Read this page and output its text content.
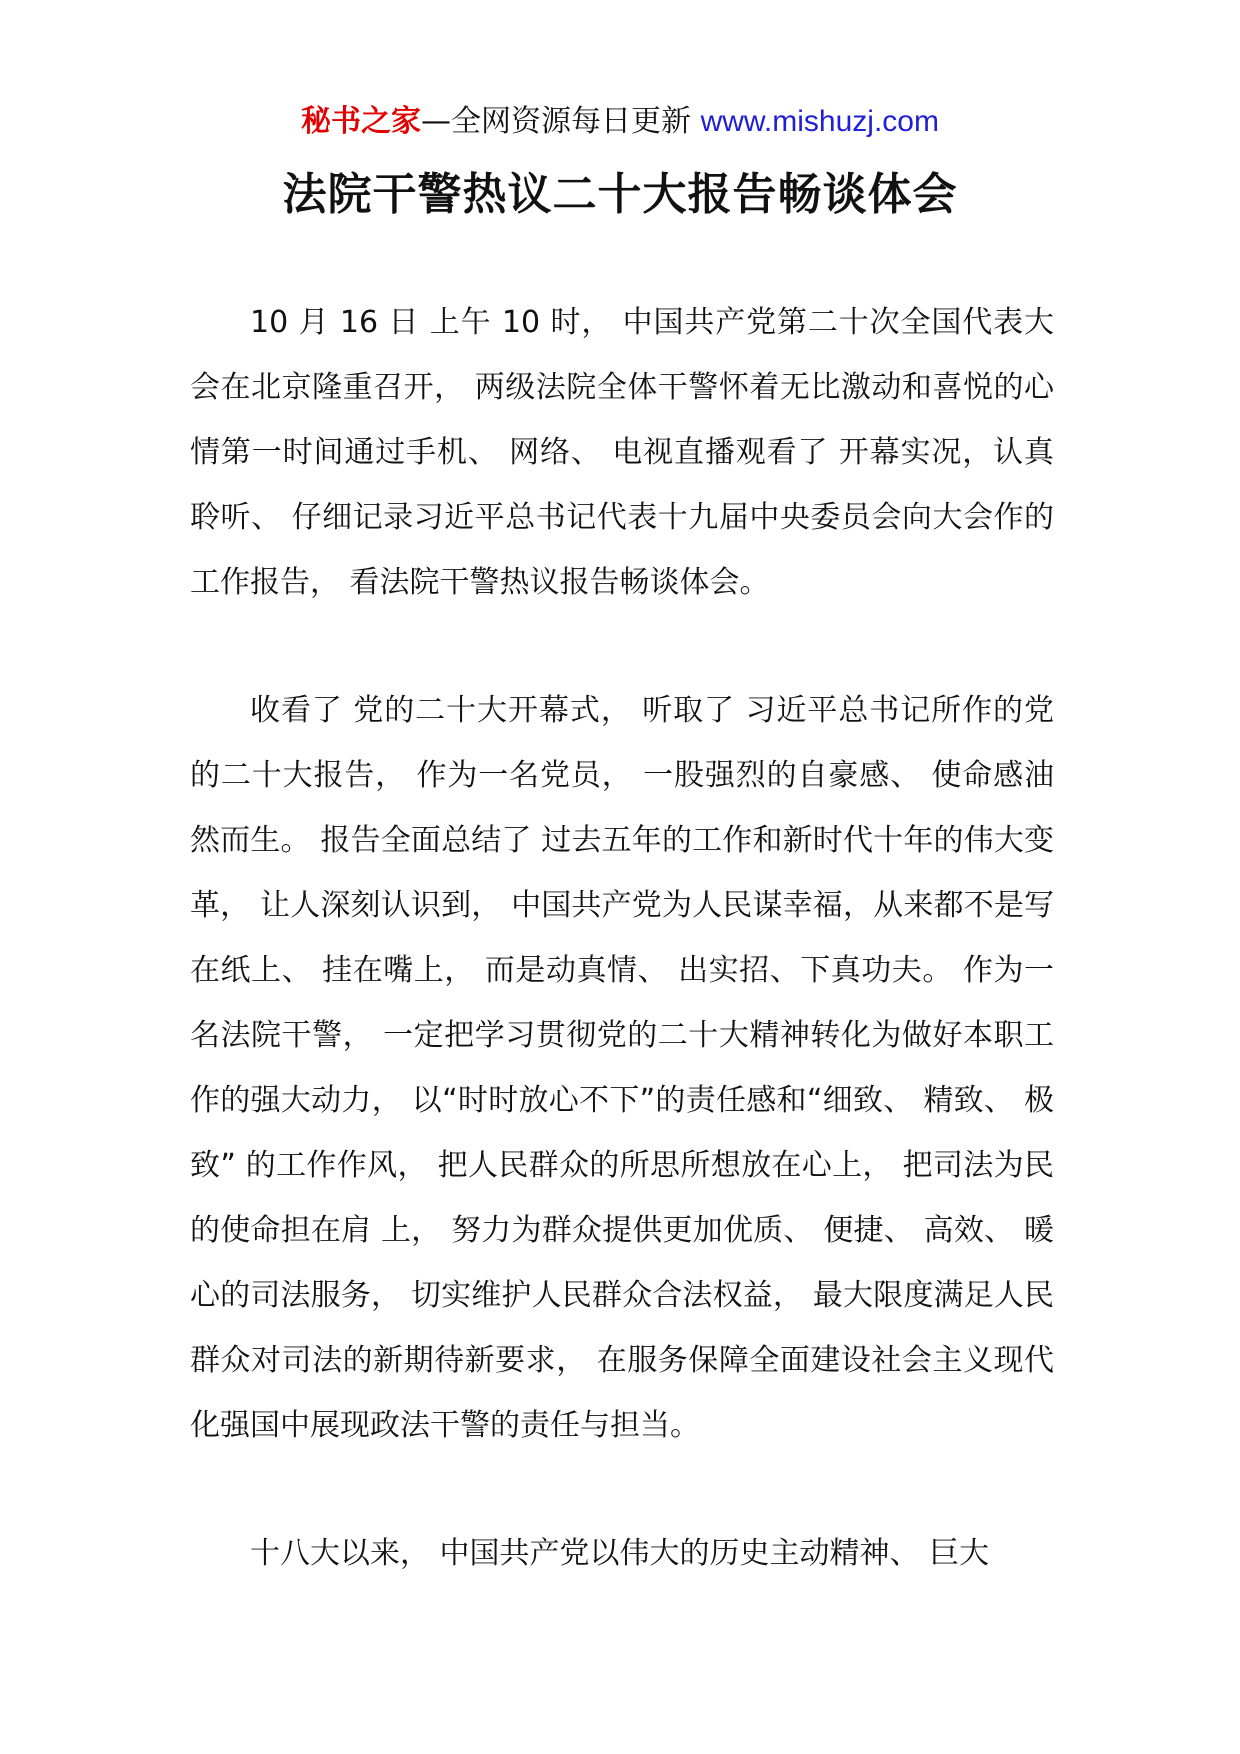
秘书之家—全网资源每日更新 www.mishuzj.com
法院干警热议二十大报告畅谈体会

10 月 16 日 上午 10 时， 中国共产党第二十次全国代表大会在北京隆重召开， 两级法院全体干警怀着无比激动和喜悦的心情第一时间通过手机、 网络、 电视直播观看了 开幕实况，认真聆听、 仔细记录习近平总书记代表十九届中央委员会向大会作的工作报告， 看法院干警热议报告畅谈体会。

收看了 党的二十大开幕式， 听取了 习近平总书记所作的党的二十大报告， 作为一名党员， 一股强烈的自豪感、 使命感油然而生。 报告全面总结了 过去五年的工作和新时代十年的伟大变革， 让人深刻认识到， 中国共产党为人民谋幸福，从来都不是写在纸上、 挂在嘴上， 而是动真情、 出实招、下真功夫。 作为一名法院干警， 一定把学习贯彻党的二十大精神转化为做好本职工作的强大动力， 以“时时放心不下”的责任感和“细致、 精致、 极致” 的工作作风， 把人民群众的所思所想放在心上， 把司法为民的使命担在肩 上， 努力为群众提供更加优质、 便捷、 高效、 暖心的司法服务， 切实维护人民群众合法权益， 最大限度满足人民群众对司法的新期待新要求， 在服务保障全面建设社会主义现代化强国中展现政法干警的责任与担当。

十八大以来， 中国共产党以伟大的历史主动精神、 巨大
